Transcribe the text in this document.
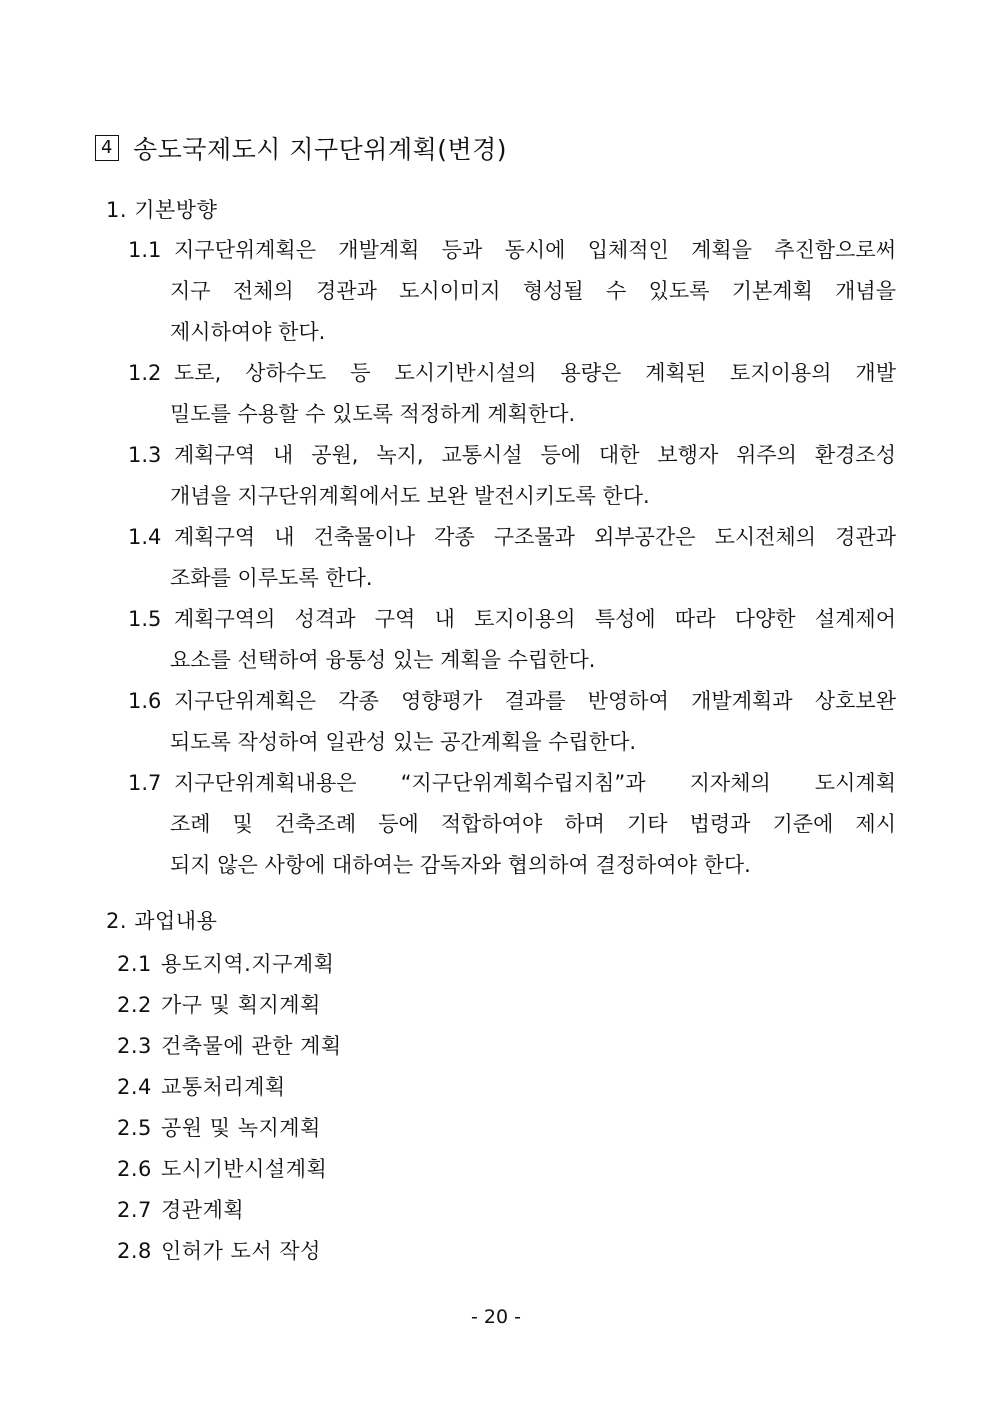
4 송도국제도시 지구단위계획(변경)
1. 기본방향
1.1 지구단위계획은 개발계획 등과 동시에 입체적인 계획을 추진함으로써
지구 전체의 경관과 도시이미지 형성될 수 있도록 기본계획 개념을
제시하여야 한다.
1.2 도로, 상하수도 등 도시기반시설의 용량은 계획된 토지이용의 개발
밀도를 수용할 수 있도록 적정하게 계획한다.
1.3 계획구역 내 공원, 녹지, 교통시설 등에 대한 보행자 위주의 환경조성
개념을 지구단위계획에서도 보완 발전시키도록 한다.
1.4 계획구역 내 건축물이나 각종 구조물과 외부공간은 도시전체의 경관과
조화를 이루도록 한다.
1.5 계획구역의 성격과 구역 내 토지이용의 특성에 따라 다양한 설계제어
요소를 선택하여 융통성 있는 계획을 수립한다.
1.6 지구단위계획은 각종 영향평가 결과를 반영하여 개발계획과 상호보완
되도록 작성하여 일관성 있는 공간계획을 수립한다.
1.7 지구단위계획내용은 “지구단위계획수립지침”과 지자체의 도시계획
조례 및 건축조례 등에 적합하여야 하며 기타 법령과 기준에 제시
되지 않은 사항에 대하여는 감독자와 협의하여 결정하여야 한다.
2. 과업내용
2.1 용도지역.지구계획
2.2 가구 및 획지계획
2.3 건축물에 관한 계획
2.4 교통처리계획
2.5 공원 및 녹지계획
2.6 도시기반시설계획
2.7 경관계획
2.8 인허가 도서 작성
- 20 -
